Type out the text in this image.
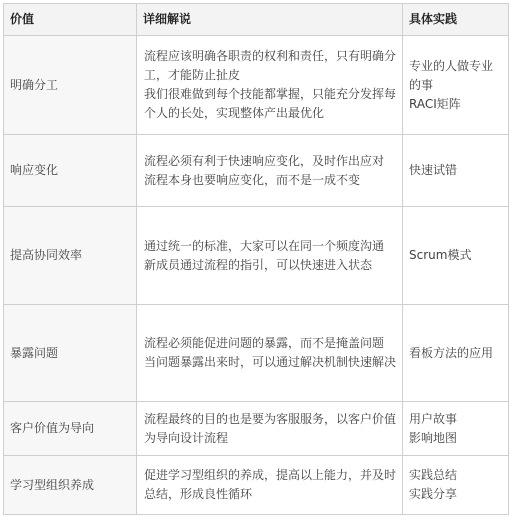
价值	详细解说	具体实践
明确分工	流程应该明确各职责的权利和责任，只有明确分工，才能防止扯皮
我们很难做到每个技能都掌握，只能充分发挥每个人的长处，实现整体产出最优化	专业的人做专业的事
RACI矩阵

响应变化	流程必须有利于快速响应变化，及时作出应对
流程本身也要响应变化，而不是一成不变	快速试错

提高协同效率	通过统一的标准，大家可以在同一个频度沟通
新成员通过流程的指引，可以快速进入状态	Scrum模式

暴露问题	流程必须能促进问题的暴露，而不是掩盖问题
当问题暴露出来时，可以通过解决机制快速解决	看板方法的应用

客户价值为导向	流程最终的目的也是要为客服服务，以客户价值为导向设计流程	用户故事
影响地图

学习型组织养成	促进学习型组织的养成，提高以上能力，并及时总结，形成良性循环	实践总结
实践分享
